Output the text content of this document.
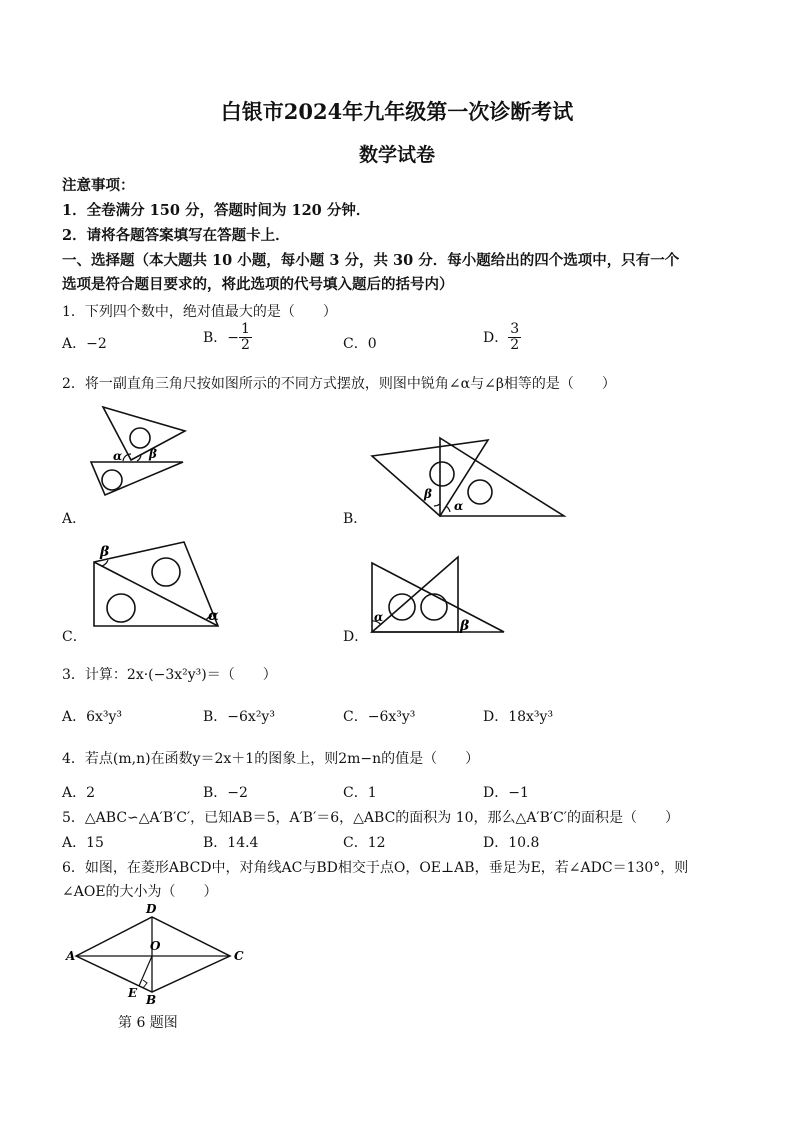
白银市2024年九年级第一次诊断考试
数学试卷
注意事项：
1．全卷满分 150 分，答题时间为 120 分钟．
2．请将各题答案填写在答题卡上．
一、选择题（本大题共 10 小题，每小题 3 分，共 30 分．每小题给出的四个选项中，只有一个
选项是符合题目要求的，将此选项的代号填入题后的括号内）
1．下列四个数中，绝对值最大的是（　　）
A．−2	B．− $\frac{1}{2}$	C．0	D． $\frac{3}{2}$
2．将一副直角三角尺按如图所示的不同方式摆放，则图中锐角∠α与∠β相等的是（　　）
α β
A．
β
α
B．
β
α
C．
α
β
D．
3．计算：2x·(−3x²y³)＝（　　）
A．6x³y³	B．−6x²y³	C．−6x³y³	D．18x³y³
4．若点(m,n)在函数y＝2x＋1的图象上，则2m−n的值是（　　）
A．2	B．−2	C．1	D．−1
5．△ABC∽△A′B′C′，已知AB＝5，A′B′＝6，△ABC的面积为 10，那么△A′B′C′的面积是（　　）
A．15	B．14.4	C．12	D．10.8
6．如图，在菱形ABCD中，对角线AC与BD相交于点O，OE⊥AB，垂足为E，若∠ADC＝130°，则
∠AOE的大小为（　　）
A
D
C
O
E B
第 6 题图
